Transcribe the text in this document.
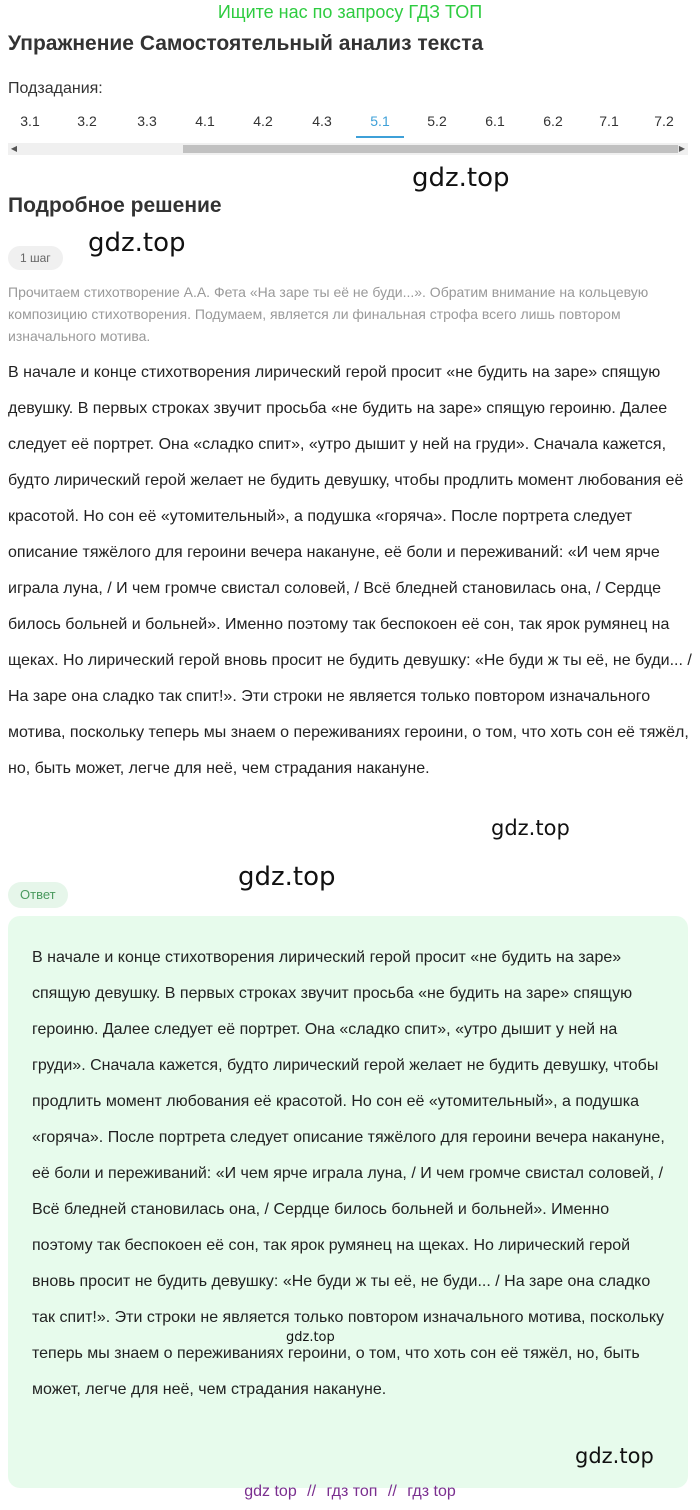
Ищите нас по запросу ГДЗ ТОП
Упражнение Самостоятельный анализ текста
Подзадания:
3.1	3.2	3.3	4.1	4.2	4.3	5.1	5.2	6.1	6.2	7.1	7.2
◀	▶
gdz.top
Подробное решение
gdz.top
1 шаг
Прочитаем стихотворение А.А. Фета «На заре ты её не буди...». Обратим внимание на кольцевую композицию стихотворения. Подумаем, является ли финальная строфа всего лишь повтором изначального мотива.
В начале и конце стихотворения лирический герой просит «не будить на заре» спящую девушку. В первых строках звучит просьба «не будить на заре» спящую героиню. Далее следует её портрет. Она «сладко спит», «утро дышит у ней на груди». Сначала кажется, будто лирический герой желает не будить девушку, чтобы продлить момент любования её красотой. Но сон её «утомительный», а подушка «горяча». После портрета следует описание тяжёлого для героини вечера накануне, её боли и переживаний: «И чем ярче играла луна, / И чем громче свистал соловей, / Всё бледней становилась она, / Сердце билось больней и больней». Именно поэтому так беспокоен её сон, так ярок румянец на щеках. Но лирический герой вновь просит не будить девушку: «Не буди ж ты её, не буди... / На заре она сладко так спит!». Эти строки не является только повтором изначального мотива, поскольку теперь мы знаем о переживаниях героини, о том, что хоть сон её тяжёл, но, быть может, легче для неё, чем страдания накануне.
gdz.top
gdz.top
Ответ
В начале и конце стихотворения лирический герой просит «не будить на заре» спящую девушку. В первых строках звучит просьба «не будить на заре» спящую героиню. Далее следует её портрет. Она «сладко спит», «утро дышит у ней на груди». Сначала кажется, будто лирический герой желает не будить девушку, чтобы продлить момент любования её красотой. Но сон её «утомительный», а подушка «горяча». После портрета следует описание тяжёлого для героини вечера накануне, её боли и переживаний: «И чем ярче играла луна, / И чем громче свистал соловей, / Всё бледней становилась она, / Сердце билось больней и больней». Именно поэтому так беспокоен её сон, так ярок румянец на щеках. Но лирический герой вновь просит не будить девушку: «Не буди ж ты её, не буди... / На заре она сладко так спит!». Эти строки не является только повтором изначального мотива, поскольку теперь мы знаем о переживаниях героини, о том, что хоть сон её тяжёл, но, быть может, легче для неё, чем страдания накануне.
gdz.top
gdz.top
gdz top // гдз топ // гдз top
